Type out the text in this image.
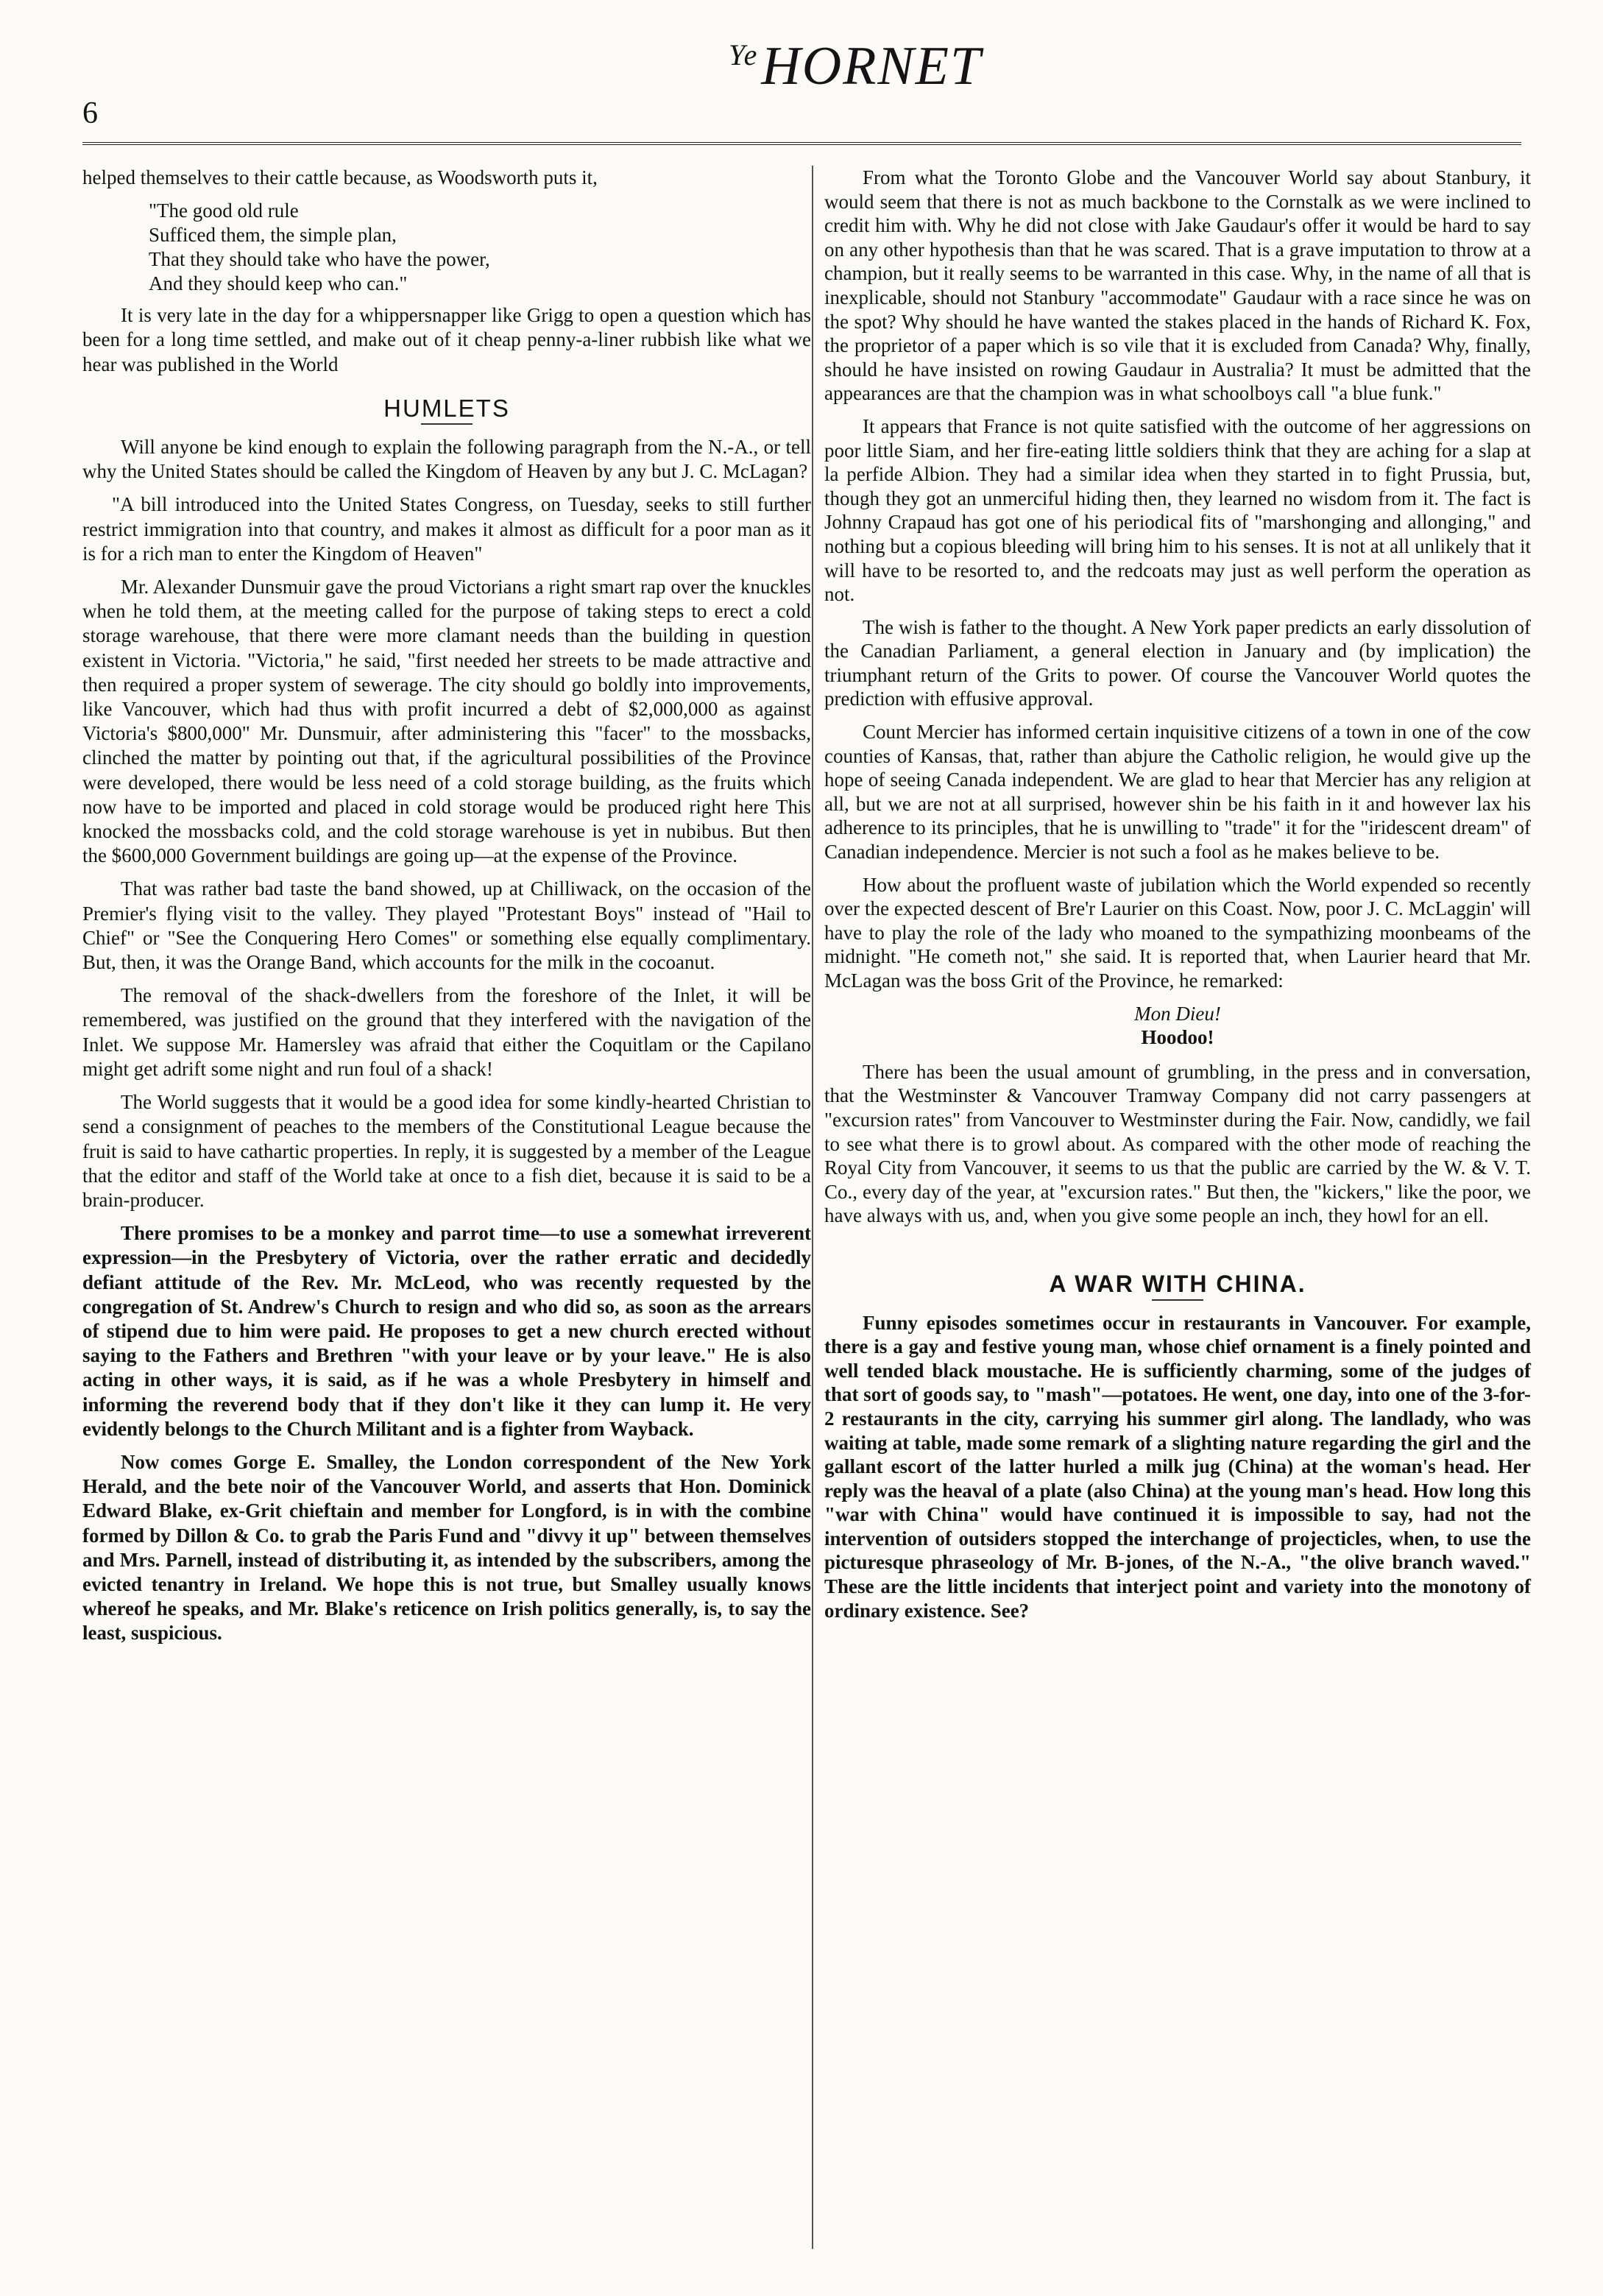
6
$^{Ye}$HORNET

helped themselves to their cattle because, as Woodsworth puts it,

"The good old rule
Sufficed them, the simple plan,
That they should take who have the power,
And they should keep who can."

It is very late in the day for a whippersnapper like Grigg to open a question which has been for a long time settled, and make out of it cheap penny-a-liner rubbish like what we hear was published in the World

HUMLETS

Will anyone be kind enough to explain the following paragraph from the N.-A., or tell why the United States should be called the Kingdom of Heaven by any but J. C. McLagan?

"A bill introduced into the United States Congress, on Tuesday, seeks to still further restrict immigration into that country, and makes it almost as difficult for a poor man as it is for a rich man to enter the Kingdom of Heaven"

Mr. Alexander Dunsmuir gave the proud Victorians a right smart rap over the knuckles when he told them, at the meeting called for the purpose of taking steps to erect a cold storage warehouse, that there were more clamant needs than the building in question existent in Victoria. "Victoria," he said, "first needed her streets to be made attractive and then required a proper system of sewerage. The city should go boldly into improvements, like Vancouver, which had thus with profit incurred a debt of $2,000,000 as against Victoria's $800,000" Mr. Dunsmuir, after administering this "facer" to the mossbacks, clinched the matter by pointing out that, if the agricultural possibilities of the Province were developed, there would be less need of a cold storage building, as the fruits which now have to be imported and placed in cold storage would be produced right here This knocked the mossbacks cold, and the cold storage warehouse is yet in nubibus. But then the $600,000 Government buildings are going up—at the expense of the Province.

That was rather bad taste the band showed, up at Chilliwack, on the occasion of the Premier's flying visit to the valley. They played "Protestant Boys" instead of "Hail to Chief" or "See the Conquering Hero Comes" or something else equally complimentary. But, then, it was the Orange Band, which accounts for the milk in the cocoanut.

The removal of the shack-dwellers from the foreshore of the Inlet, it will be remembered, was justified on the ground that they interfered with the navigation of the Inlet. We suppose Mr. Hamersley was afraid that either the Coquitlam or the Capilano might get adrift some night and run foul of a shack!

The World suggests that it would be a good idea for some kindly-hearted Christian to send a consignment of peaches to the members of the Constitutional League because the fruit is said to have cathartic properties. In reply, it is suggested by a member of the League that the editor and staff of the World take at once to a fish diet, because it is said to be a brain-producer.

There promises to be a monkey and parrot time—to use a somewhat irreverent expression—in the Presbytery of Victoria, over the rather erratic and decidedly defiant attitude of the Rev. Mr. McLeod, who was recently requested by the congregation of St. Andrew's Church to resign and who did so, as soon as the arrears of stipend due to him were paid. He proposes to get a new church erected without saying to the Fathers and Brethren "with your leave or by your leave." He is also acting in other ways, it is said, as if he was a whole Presbytery in himself and informing the reverend body that if they don't like it they can lump it. He very evidently belongs to the Church Militant and is a fighter from Wayback.

Now comes Gorge E. Smalley, the London correspondent of the New York Herald, and the bete noir of the Vancouver World, and asserts that Hon. Dominick Edward Blake, ex-Grit chieftain and member for Longford, is in with the combine formed by Dillon & Co. to grab the Paris Fund and "divvy it up" between themselves and Mrs. Parnell, instead of distributing it, as intended by the subscribers, among the evicted tenantry in Ireland. We hope this is not true, but Smalley usually knows whereof he speaks, and Mr. Blake's reticence on Irish politics generally, is, to say the least, suspicious.

From what the Toronto Globe and the Vancouver World say about Stanbury, it would seem that there is not as much backbone to the Cornstalk as we were inclined to credit him with. Why he did not close with Jake Gaudaur's offer it would be hard to say on any other hypothesis than that he was scared. That is a grave imputation to throw at a champion, but it really seems to be warranted in this case. Why, in the name of all that is inexplicable, should not Stanbury "accommodate" Gaudaur with a race since he was on the spot? Why should he have wanted the stakes placed in the hands of Richard K. Fox, the proprietor of a paper which is so vile that it is excluded from Canada? Why, finally, should he have insisted on rowing Gaudaur in Australia? It must be admitted that the appearances are that the champion was in what schoolboys call "a blue funk."

It appears that France is not quite satisfied with the outcome of her aggressions on poor little Siam, and her fire-eating little soldiers think that they are aching for a slap at la perfide Albion. They had a similar idea when they started in to fight Prussia, but, though they got an unmerciful hiding then, they learned no wisdom from it. The fact is Johnny Crapaud has got one of his periodical fits of "marshonging and allonging," and nothing but a copious bleeding will bring him to his senses. It is not at all unlikely that it will have to be resorted to, and the redcoats may just as well perform the operation as not.

The wish is father to the thought. A New York paper predicts an early dissolution of the Canadian Parliament, a general election in January and (by implication) the triumphant return of the Grits to power. Of course the Vancouver World quotes the prediction with effusive approval.

Count Mercier has informed certain inquisitive citizens of a town in one of the cow counties of Kansas, that, rather than abjure the Catholic religion, he would give up the hope of seeing Canada independent. We are glad to hear that Mercier has any religion at all, but we are not at all surprised, however shin be his faith in it and however lax his adherence to its principles, that he is unwilling to "trade" it for the "iridescent dream" of Canadian independence. Mercier is not such a fool as he makes believe to be.

How about the profluent waste of jubilation which the World expended so recently over the expected descent of Bre'r Laurier on this Coast. Now, poor J. C. McLaggin' will have to play the role of the lady who moaned to the sympathizing moonbeams of the midnight. "He cometh not," she said. It is reported that, when Laurier heard that Mr. McLagan was the boss Grit of the Province, he remarked:

Mon Dieu!

Hoodoo!

There has been the usual amount of grumbling, in the press and in conversation, that the Westminster & Vancouver Tramway Company did not carry passengers at "excursion rates" from Vancouver to Westminster during the Fair. Now, candidly, we fail to see what there is to growl about. As compared with the other mode of reaching the Royal City from Vancouver, it seems to us that the public are carried by the W. & V. T. Co., every day of the year, at "excursion rates." But then, the "kickers," like the poor, we have always with us, and, when you give some people an inch, they howl for an ell.

A WAR WITH CHINA.

Funny episodes sometimes occur in restaurants in Vancouver. For example, there is a gay and festive young man, whose chief ornament is a finely pointed and well tended black moustache. He is sufficiently charming, some of the judges of that sort of goods say, to "mash"—potatoes. He went, one day, into one of the 3-for-2 restaurants in the city, carrying his summer girl along. The landlady, who was waiting at table, made some remark of a slighting nature regarding the girl and the gallant escort of the latter hurled a milk jug (China) at the woman's head. Her reply was the heaval of a plate (also China) at the young man's head. How long this "war with China" would have continued it is impossible to say, had not the intervention of outsiders stopped the interchange of projecticles, when, to use the picturesque phraseology of Mr. B-jones, of the N.-A., "the olive branch waved." These are the little incidents that interject point and variety into the monotony of ordinary existence. See?
